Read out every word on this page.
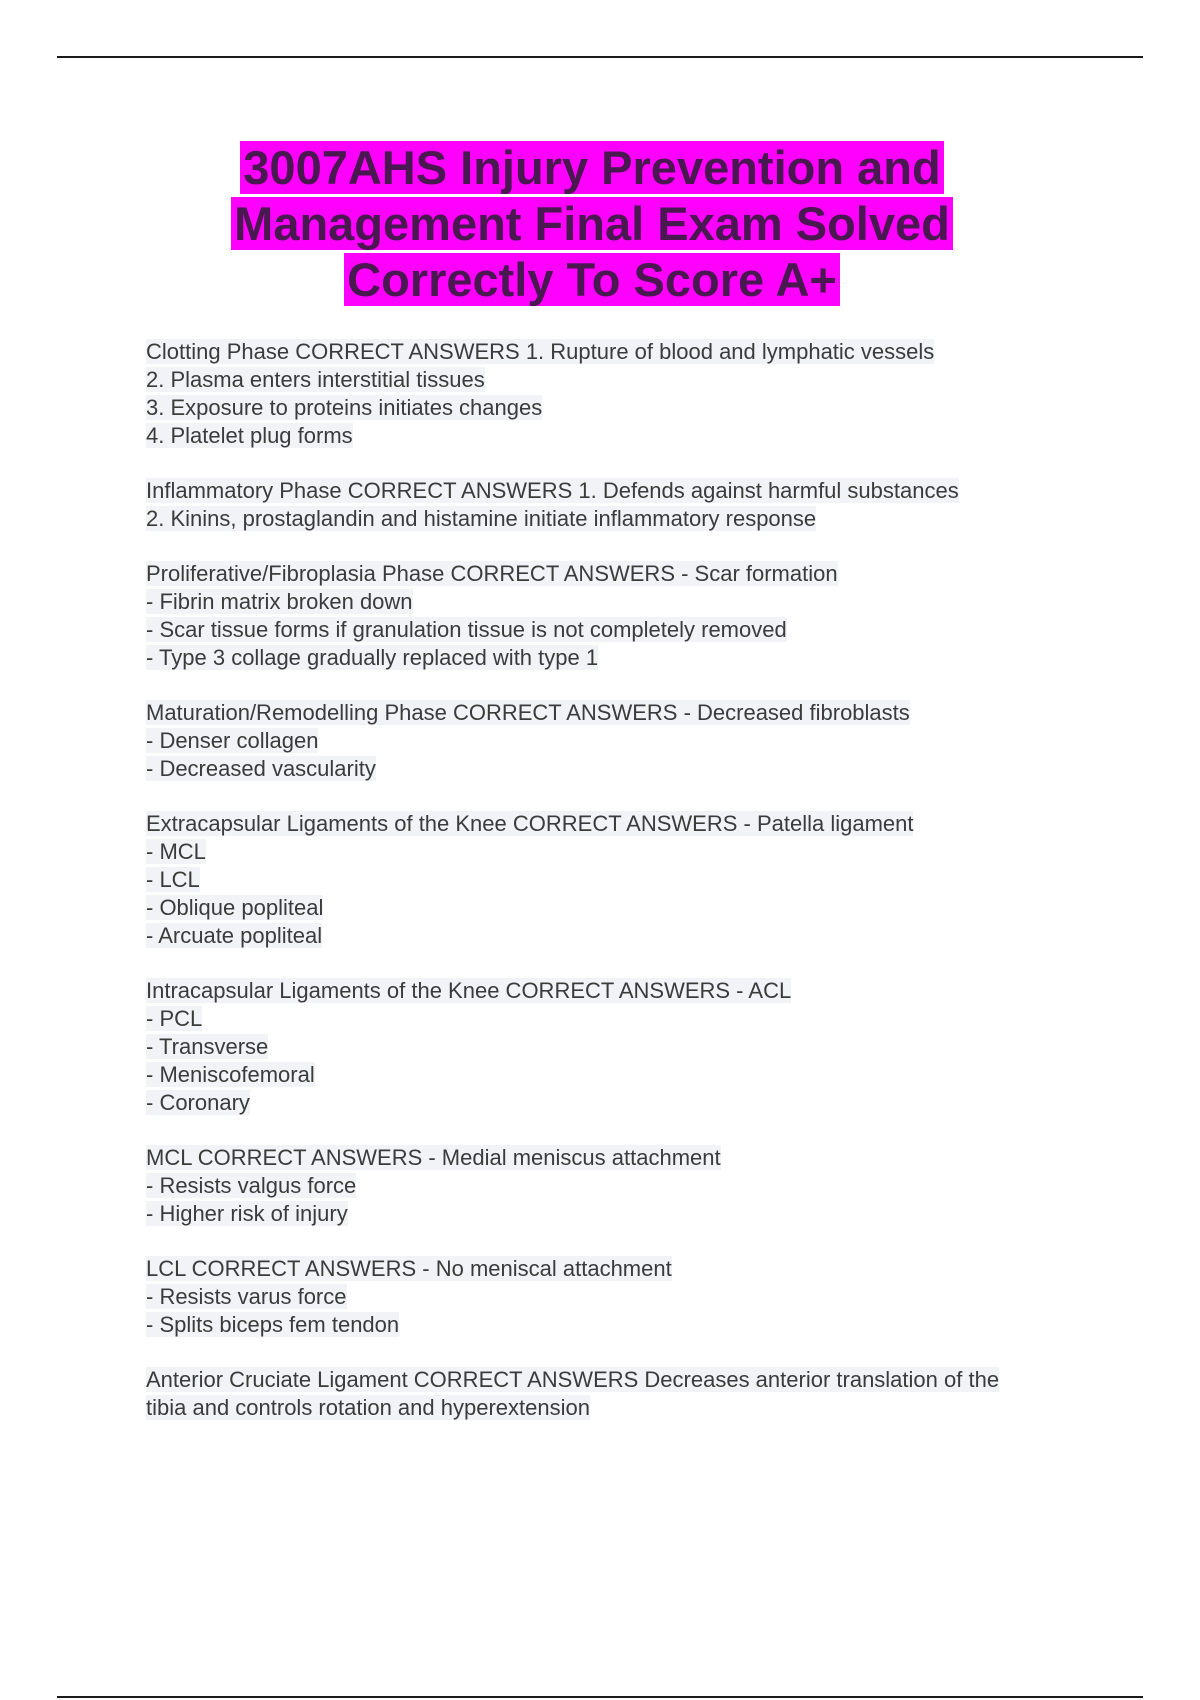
3007AHS Injury Prevention and Management Final Exam Solved Correctly To Score A+
Clotting Phase CORRECT ANSWERS 1. Rupture of blood and lymphatic vessels
2. Plasma enters interstitial tissues
3. Exposure to proteins initiates changes
4. Platelet plug forms
Inflammatory Phase CORRECT ANSWERS 1. Defends against harmful substances
2. Kinins, prostaglandin and histamine initiate inflammatory response
Proliferative/Fibroplasia Phase CORRECT ANSWERS - Scar formation
- Fibrin matrix broken down
- Scar tissue forms if granulation tissue is not completely removed
- Type 3 collage gradually replaced with type 1
Maturation/Remodelling Phase CORRECT ANSWERS - Decreased fibroblasts
- Denser collagen
- Decreased vascularity
Extracapsular Ligaments of the Knee CORRECT ANSWERS - Patella ligament
- MCL
- LCL
- Oblique popliteal
- Arcuate popliteal
Intracapsular Ligaments of the Knee CORRECT ANSWERS - ACL
- PCL
- Transverse
- Meniscofemoral
- Coronary
MCL CORRECT ANSWERS - Medial meniscus attachment
- Resists valgus force
- Higher risk of injury
LCL CORRECT ANSWERS - No meniscal attachment
- Resists varus force
- Splits biceps fem tendon
Anterior Cruciate Ligament CORRECT ANSWERS Decreases anterior translation of the
tibia and controls rotation and hyperextension
